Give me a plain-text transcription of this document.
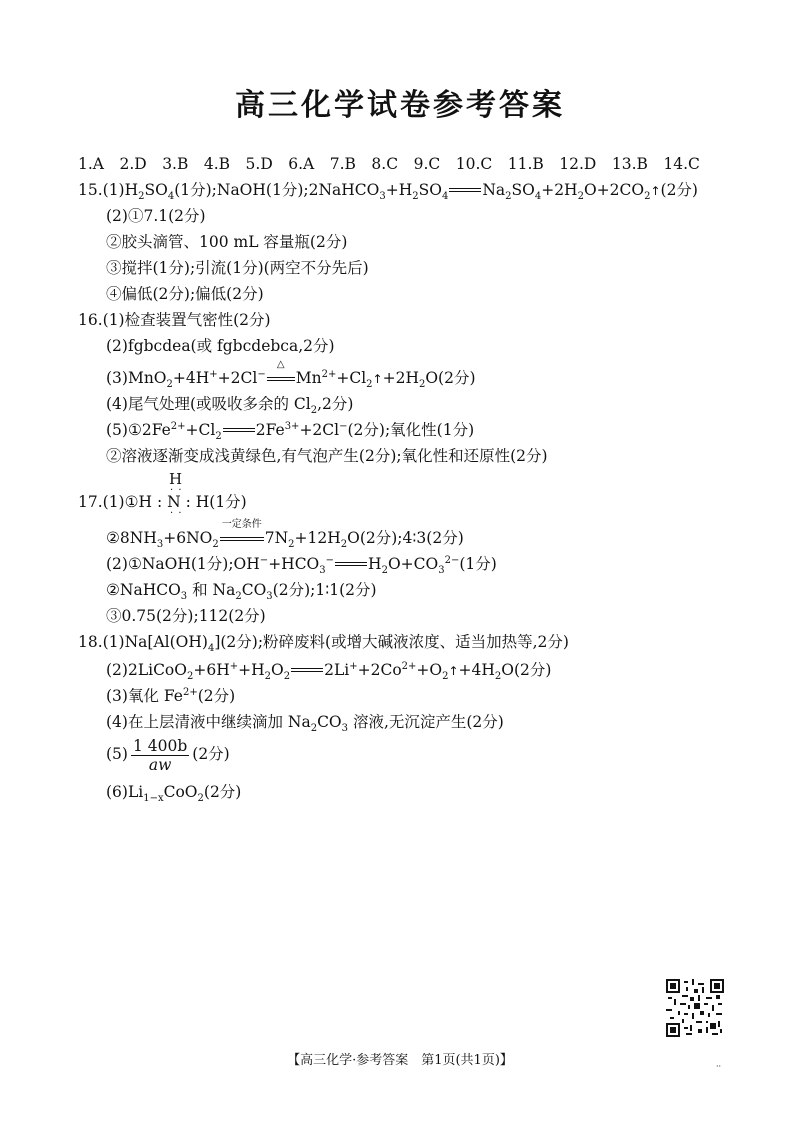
高三化学试卷参考答案
1.A　2.D　3.B　4.B　5.D　6.A　7.B　8.C　9.C　10.C　11.B　12.D　13.B　14.C
$15.(1)H_2SO_4(1$分);NaOH(1分)$;2NaHCO_3+H_2SO_4$ $Na_2SO_4+2H_2O+2CO_2↑(2$分)
(2)①7.1(2分)
②胶头滴管、100 mL 容量瓶(2分)
③搅拌(1分);引流(1分)(两空不分先后)
④偏低(2分);偏低(2分)
16.(1)检查装置气密性(2分)
(2)fgbcdea(或 fgbcdebca,2分)
(3)MnO$_2$+4H++2Cl−
△
$Mn^{2+}+Cl_2↑+2H_2O(2$分)
(4)尾气处理(或吸收多余的 $Cl_2,2$分)
$(5)①2Fe^{2+}+Cl_2$ $2Fe^{3+}+2Cl^-(2$分);氧化性(1分)
②溶液逐渐变成浅黄绿色,有气泡产生(2分);氧化性和还原性(2分)
H
· ·
· ·
17.(1)①H : N : H(1分)
$②8NH_3+6NO_2$
一定条件
$7N_2+12H_2O(2$分);4∶3(2分)
(2)①NaOH(1分)$;OH^-+HCO_3^-$ $H_2O+CO_3^{2-}(1$分)
②NaHCO$_3$ 和 $Na_2CO_3(2$分);1∶1(2分)
③0.75(2分);112(2分)
$18.(1)Na[Al(OH)_4](2$分);粉碎废料(或增大碱液浓度、适当加热等,2分)
$(2)2LiCoO_2+6H^++H_2O_2$ $2Li^++2Co^{2+}+O_2↑+4H_2O(2$分)
(3)氧化 $Fe^{2+}(2$分)
(4)在上层清液中继续滴加 $Na_2CO_3$ 溶液,无沉淀产生(2分)
$(5) \frac{1 400b}{aw} (2$分)
$(6)Li_{1-x}CoO_2(2$分)
【高三化学·参考答案　第1页(共1页)】	··
